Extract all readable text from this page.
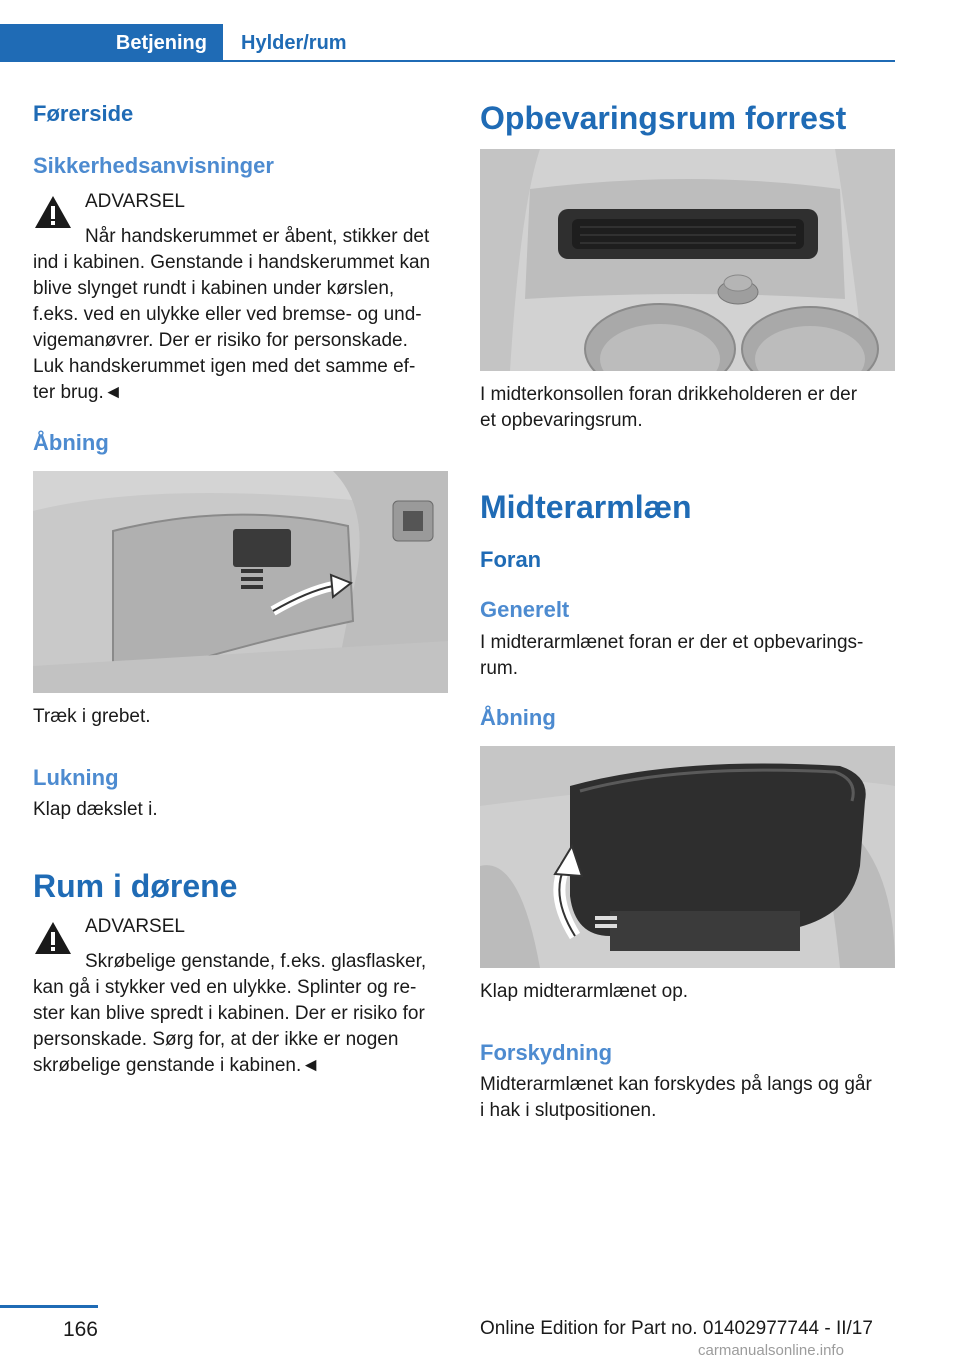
Betjening	Hylder/rum
Førerside
Sikkerhedsanvisninger
ADVARSEL
Når handskerummet er åbent, stikker det
ind i kabinen. Genstande i handskerummet kan
blive slynget rundt i kabinen under kørslen,
f.eks. ved en ulykke eller ved bremse- og und-
vigemanøvrer. Der er risiko for personskade.
Luk handskerummet igen med det samme ef-
ter brug.◄
Åbning
Træk i grebet.
Lukning
Klap dækslet i.
Rum i dørene
ADVARSEL
Skrøbelige genstande, f.eks. glasflasker,
kan gå i stykker ved en ulykke. Splinter og re-
ster kan blive spredt i kabinen. Der er risiko for
personskade. Sørg for, at der ikke er nogen
skrøbelige genstande i kabinen.◄
Opbevaringsrum forrest
I midterkonsollen foran drikkeholderen er der
et opbevaringsrum.
Midterarmlæn
Foran
Generelt
I midterarmlænet foran er der et opbevarings-
rum.
Åbning
Klap midterarmlænet op.
Forskydning
Midterarmlænet kan forskydes på langs og går
i hak i slutpositionen.
166	Online Edition for Part no. 01402977744 - II/17
carmanualsonline.info
